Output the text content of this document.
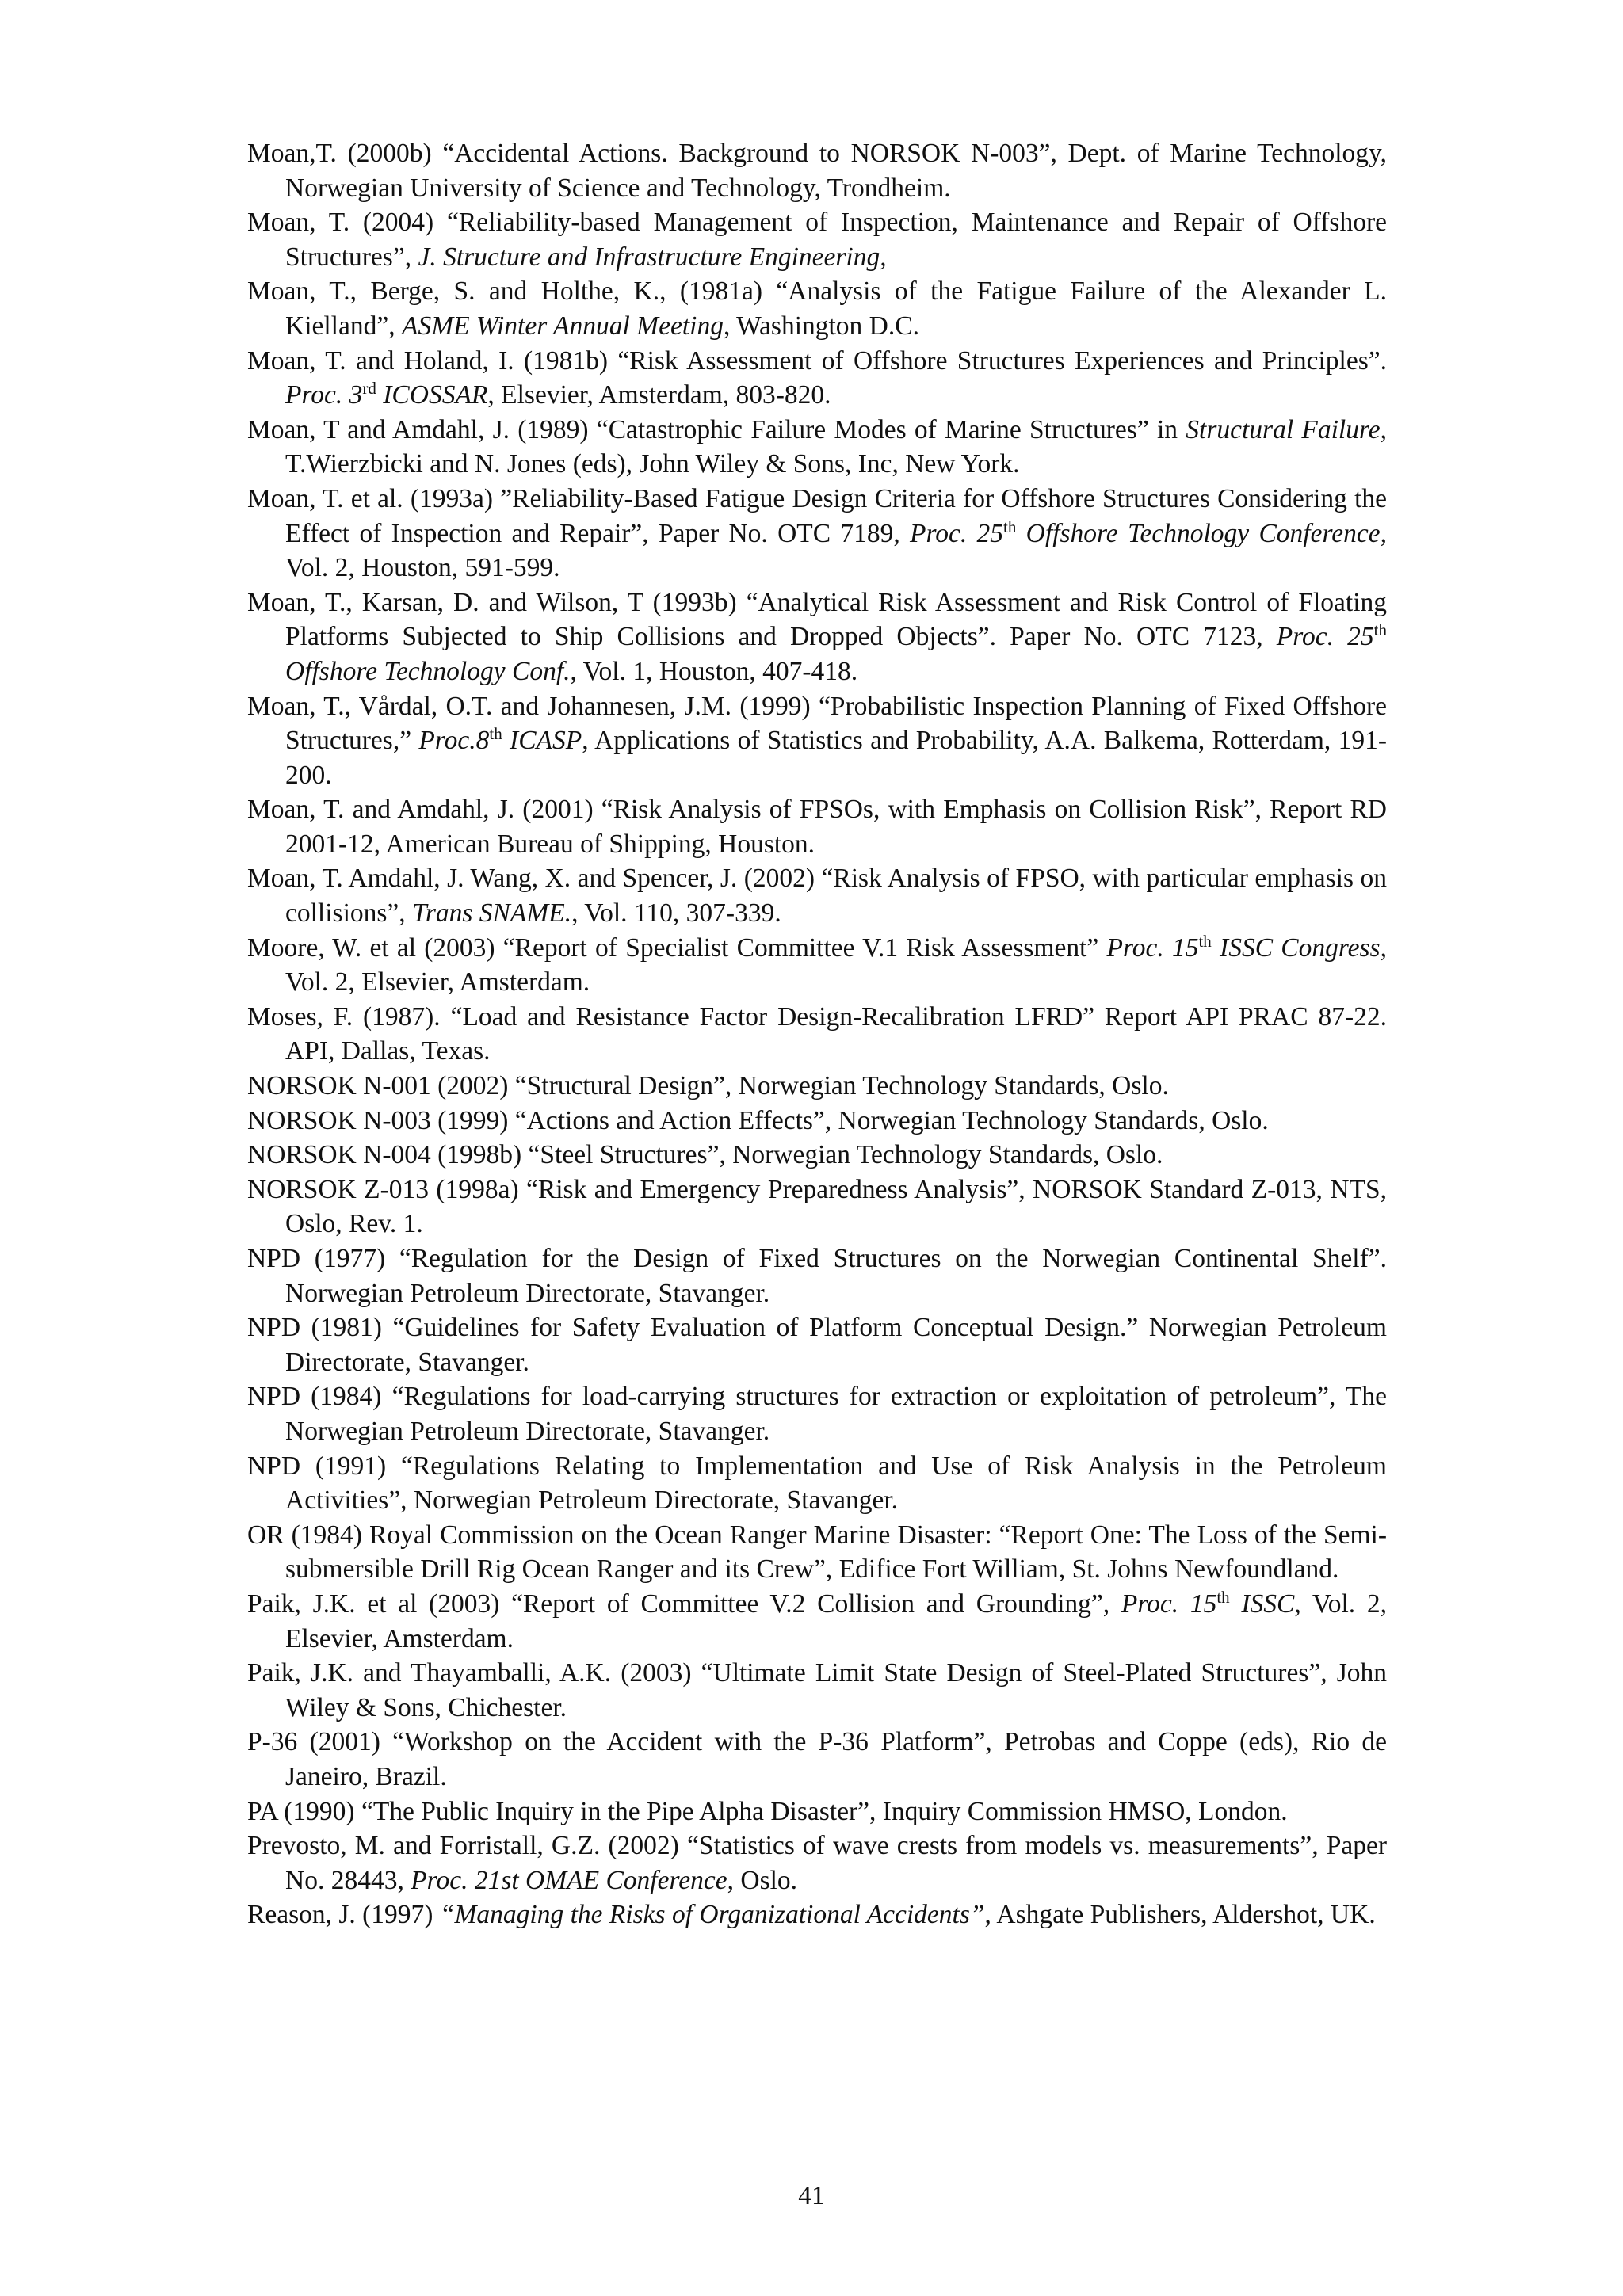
Moan,T. (2000b) “Accidental Actions. Background to NORSOK N-003”, Dept. of Marine Technology, Norwegian University of Science and Technology, Trondheim.
Moan, T. (2004) “Reliability-based Management of Inspection, Maintenance and Repair of Offshore Structures”, J. Structure and Infrastructure Engineering,
Moan, T., Berge, S. and Holthe, K., (1981a) “Analysis of the Fatigue Failure of the Alexander L. Kielland”, ASME Winter Annual Meeting, Washington D.C.
Moan, T. and Holand, I. (1981b) “Risk Assessment of Offshore Structures Experiences and Principles”. Proc. 3rd ICOSSAR, Elsevier, Amsterdam, 803-820.
Moan, T and Amdahl, J. (1989) “Catastrophic Failure Modes of Marine Structures” in Structural Failure, T.Wierzbicki and N. Jones (eds), John Wiley & Sons, Inc, New York.
Moan, T. et al. (1993a) ”Reliability-Based Fatigue Design Criteria for Offshore Structures Considering the Effect of Inspection and Repair”, Paper No. OTC 7189, Proc. 25th Offshore Technology Conference, Vol. 2, Houston, 591-599.
Moan, T., Karsan, D. and Wilson, T (1993b) “Analytical Risk Assessment and Risk Control of Floating Platforms Subjected to Ship Collisions and Dropped Objects”. Paper No. OTC 7123, Proc. 25th Offshore Technology Conf., Vol. 1, Houston, 407-418.
Moan, T., Vårdal, O.T. and Johannesen, J.M. (1999) “Probabilistic Inspection Planning of Fixed Offshore Structures,” Proc.8th ICASP, Applications of Statistics and Probability, A.A. Balkema, Rotterdam, 191-200.
Moan, T. and Amdahl, J. (2001) “Risk Analysis of FPSOs, with Emphasis on Collision Risk”, Report RD 2001-12, American Bureau of Shipping, Houston.
Moan, T. Amdahl, J. Wang, X. and Spencer, J. (2002) “Risk Analysis of FPSO, with particular emphasis on collisions”, Trans SNAME., Vol. 110, 307-339.
Moore, W. et al (2003) “Report of Specialist Committee V.1 Risk Assessment” Proc. 15th ISSC Congress, Vol. 2, Elsevier, Amsterdam.
Moses, F. (1987). “Load and Resistance Factor Design-Recalibration LFRD” Report API PRAC 87-22. API, Dallas, Texas.
NORSOK N-001 (2002) “Structural Design”, Norwegian Technology Standards, Oslo.
NORSOK N-003 (1999) “Actions and Action Effects”, Norwegian Technology Standards, Oslo.
NORSOK N-004 (1998b) “Steel Structures”, Norwegian Technology Standards, Oslo.
NORSOK Z-013 (1998a) “Risk and Emergency Preparedness Analysis”, NORSOK Standard Z-013, NTS, Oslo, Rev. 1.
NPD (1977) “Regulation for the Design of Fixed Structures on the Norwegian Continental Shelf”. Norwegian Petroleum Directorate, Stavanger.
NPD (1981) “Guidelines for Safety Evaluation of Platform Conceptual Design.” Norwegian Petroleum Directorate, Stavanger.
NPD (1984) “Regulations for load-carrying structures for extraction or exploitation of petroleum”, The Norwegian Petroleum Directorate, Stavanger.
NPD (1991) “Regulations Relating to Implementation and Use of Risk Analysis in the Petroleum Activities”, Norwegian Petroleum Directorate, Stavanger.
OR (1984) Royal Commission on the Ocean Ranger Marine Disaster: “Report One: The Loss of the Semi-submersible Drill Rig Ocean Ranger and its Crew”, Edifice Fort William, St. Johns Newfoundland.
Paik, J.K. et al (2003) “Report of Committee V.2 Collision and Grounding”, Proc. 15th ISSC, Vol. 2, Elsevier, Amsterdam.
Paik, J.K. and Thayamballi, A.K. (2003) “Ultimate Limit State Design of Steel-Plated Structures”, John Wiley & Sons, Chichester.
P-36 (2001) “Workshop on the Accident with the P-36 Platform”, Petrobas and Coppe (eds), Rio de Janeiro, Brazil.
PA (1990) “The Public Inquiry in the Pipe Alpha Disaster”, Inquiry Commission HMSO, London.
Prevosto, M. and Forristall, G.Z. (2002) “Statistics of wave crests from models vs. measurements”, Paper No. 28443, Proc. 21st OMAE Conference, Oslo.
Reason, J. (1997) “Managing the Risks of Organizational Accidents”, Ashgate Publishers, Aldershot, UK.
41
